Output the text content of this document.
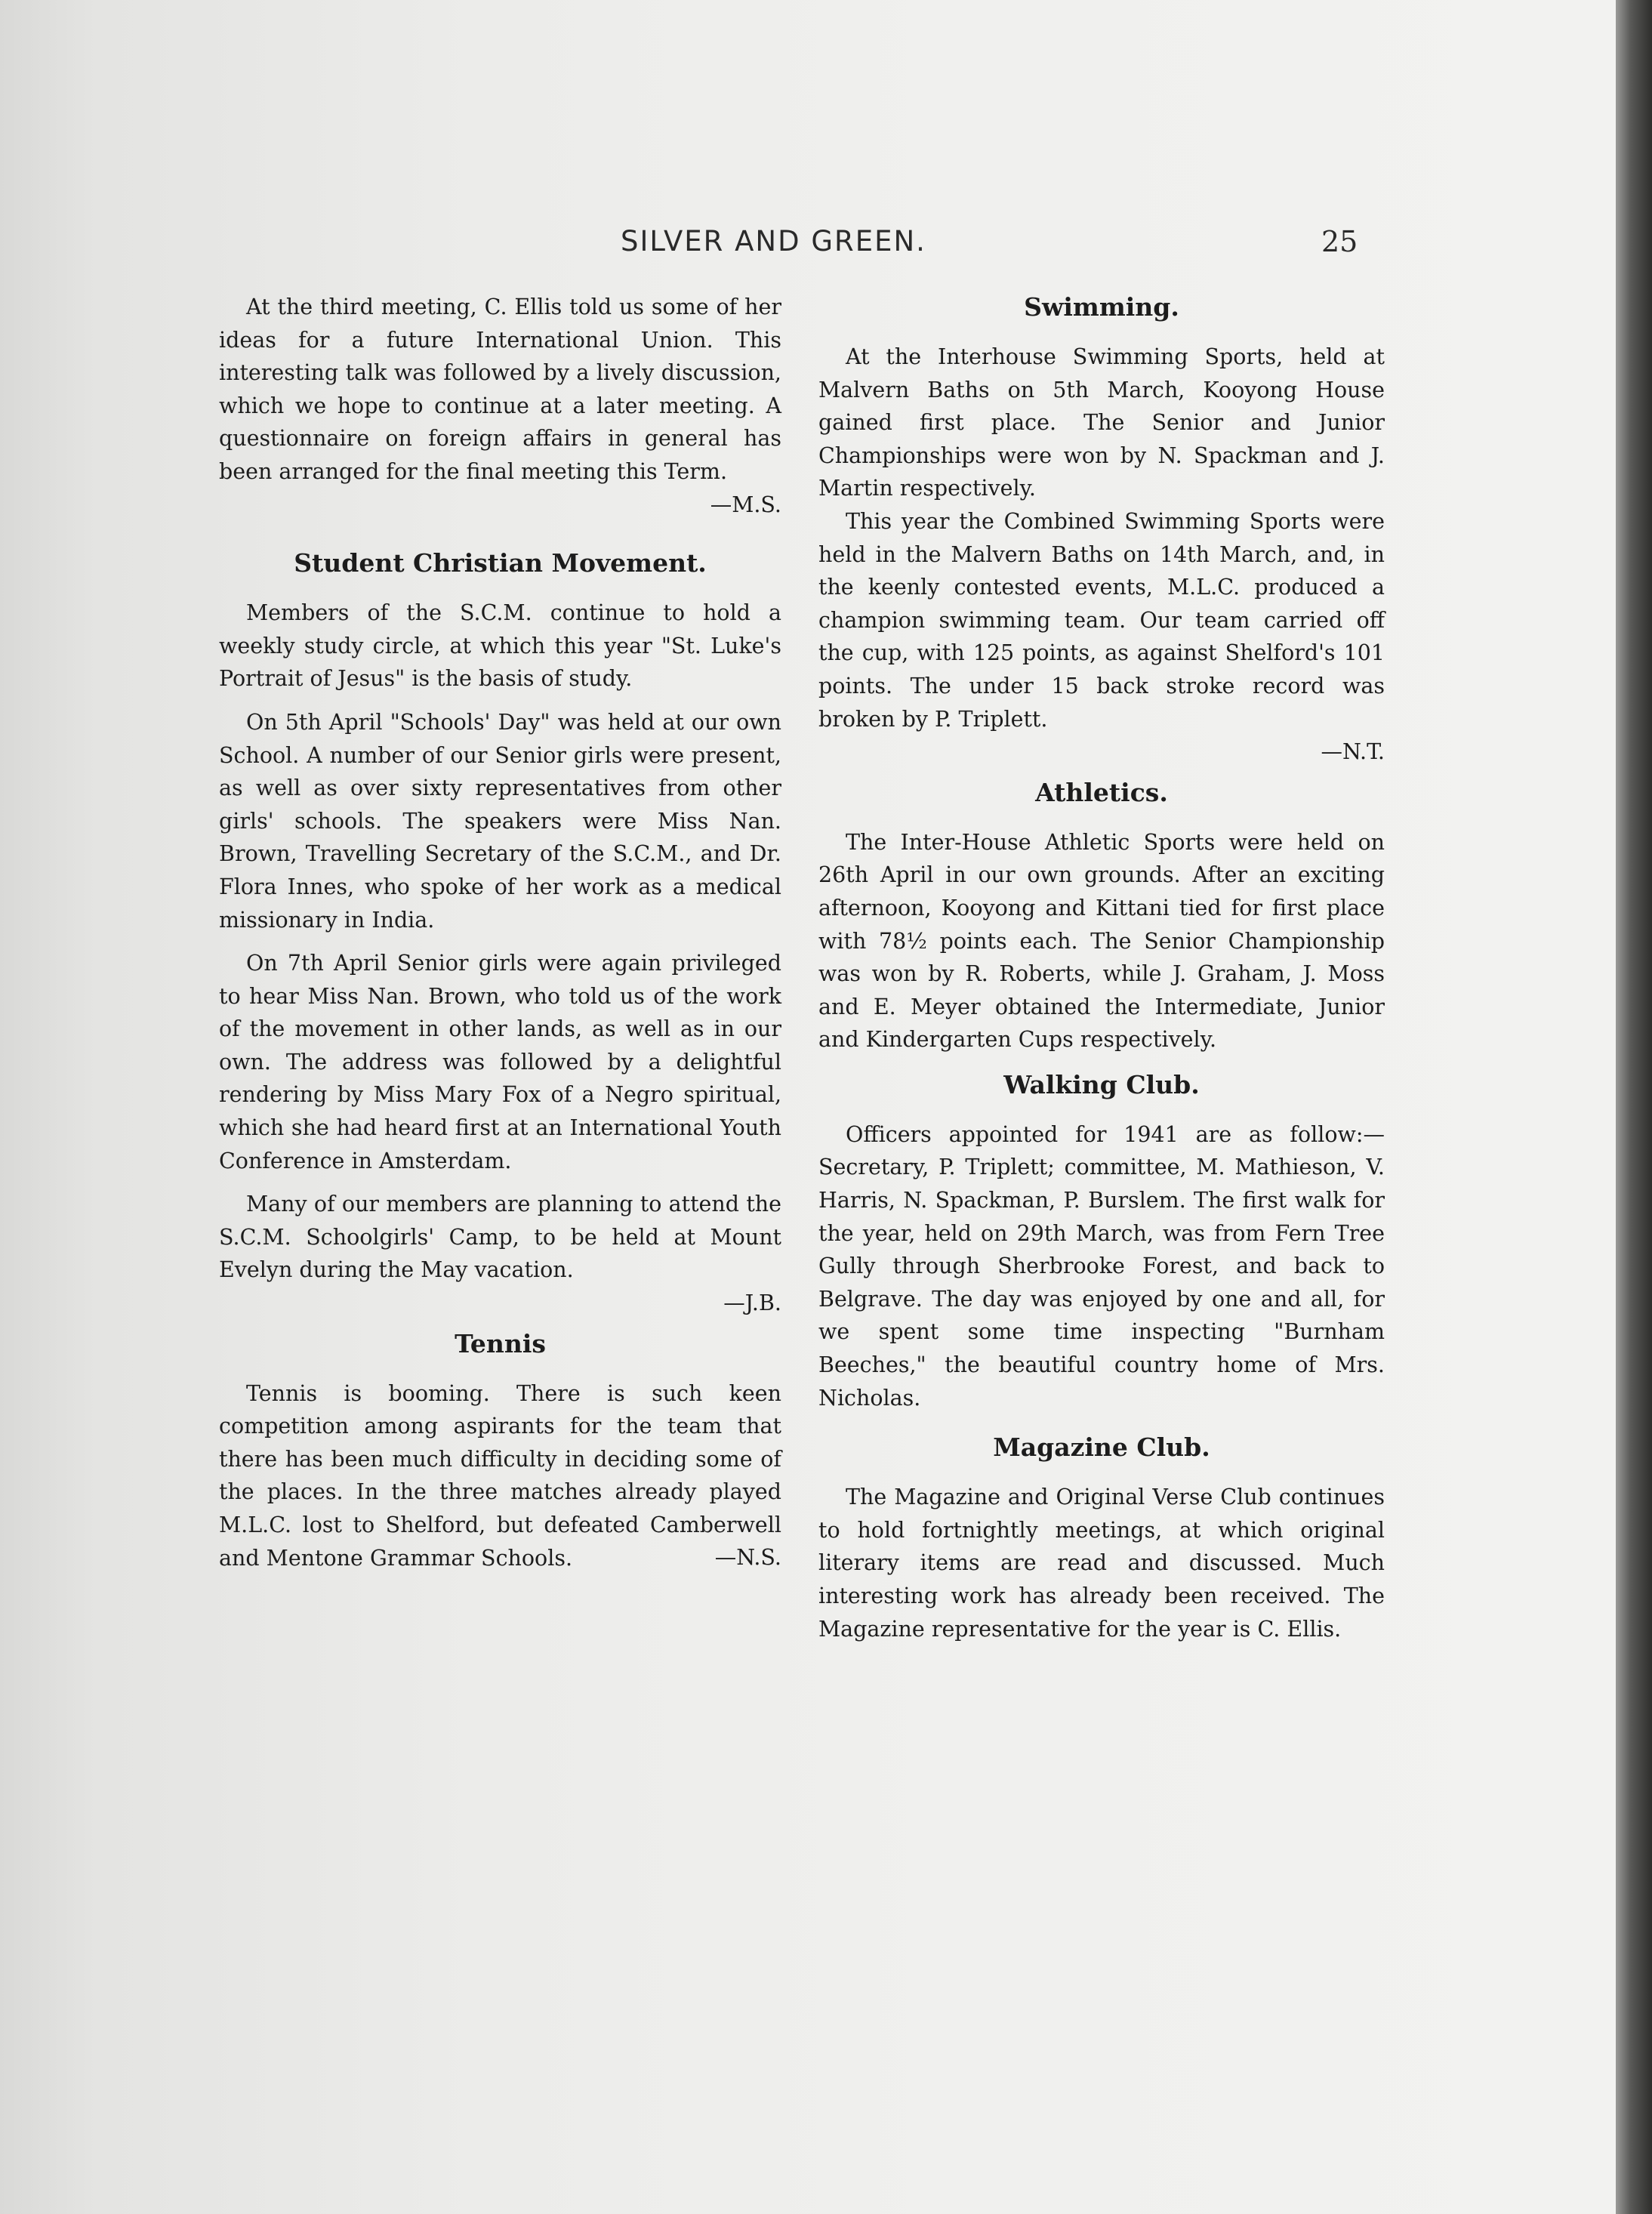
SILVER AND GREEN.	25

At the third meeting, C. Ellis told us some of her ideas for a future International Union. This interesting talk was followed by a lively discussion, which we hope to continue at a later meeting. A questionnaire on foreign affairs in general has been arranged for the final meeting this Term.

—M.S.
Student Christian Movement.

Members of the S.C.M. continue to hold a weekly study circle, at which this year "St. Luke's Portrait of Jesus" is the basis of study.

On 5th April "Schools' Day" was held at our own School. A number of our Senior girls were present, as well as over sixty representatives from other girls' schools. The speakers were Miss Nan. Brown, Travelling Secretary of the S.C.M., and Dr. Flora Innes, who spoke of her work as a medical missionary in India.

On 7th April Senior girls were again privileged to hear Miss Nan. Brown, who told us of the work of the movement in other lands, as well as in our own. The address was followed by a delightful rendering by Miss Mary Fox of a Negro spiritual, which she had heard first at an International Youth Conference in Amsterdam.

Many of our members are planning to attend the S.C.M. Schoolgirls' Camp, to be held at Mount Evelyn during the May vacation.

—J.B.
Tennis

Tennis is booming. There is such keen competition among aspirants for the team that there has been much difficulty in deciding some of the places. In the three matches already played M.L.C. lost to Shelford, but defeated Camberwell and Mentone Grammar Schools.	—N.S.
Swimming.

At the Interhouse Swimming Sports, held at Malvern Baths on 5th March, Kooyong House gained first place. The Senior and Junior Championships were won by N. Spackman and J. Martin respectively.

This year the Combined Swimming Sports were held in the Malvern Baths on 14th March, and, in the keenly contested events, M.L.C. produced a champion swimming team. Our team carried off the cup, with 125 points, as against Shelford's 101 points. The under 15 back stroke record was broken by P. Triplett.

—N.T.
Athletics.

The Inter-House Athletic Sports were held on 26th April in our own grounds. After an exciting afternoon, Kooyong and Kittani tied for first place with 78½ points each. The Senior Championship was won by R. Roberts, while J. Graham, J. Moss and E. Meyer obtained the Intermediate, Junior and Kindergarten Cups respectively.

Walking Club.

Officers appointed for 1941 are as follow:—Secretary, P. Triplett; committee, M. Mathieson, V. Harris, N. Spackman, P. Burslem. The first walk for the year, held on 29th March, was from Fern Tree Gully through Sherbrooke Forest, and back to Belgrave. The day was enjoyed by one and all, for we spent some time inspecting "Burnham Beeches," the beautiful country home of Mrs. Nicholas.

Magazine Club.

The Magazine and Original Verse Club continues to hold fortnightly meetings, at which original literary items are read and discussed. Much interesting work has already been received. The Magazine representative for the year is C. Ellis.
